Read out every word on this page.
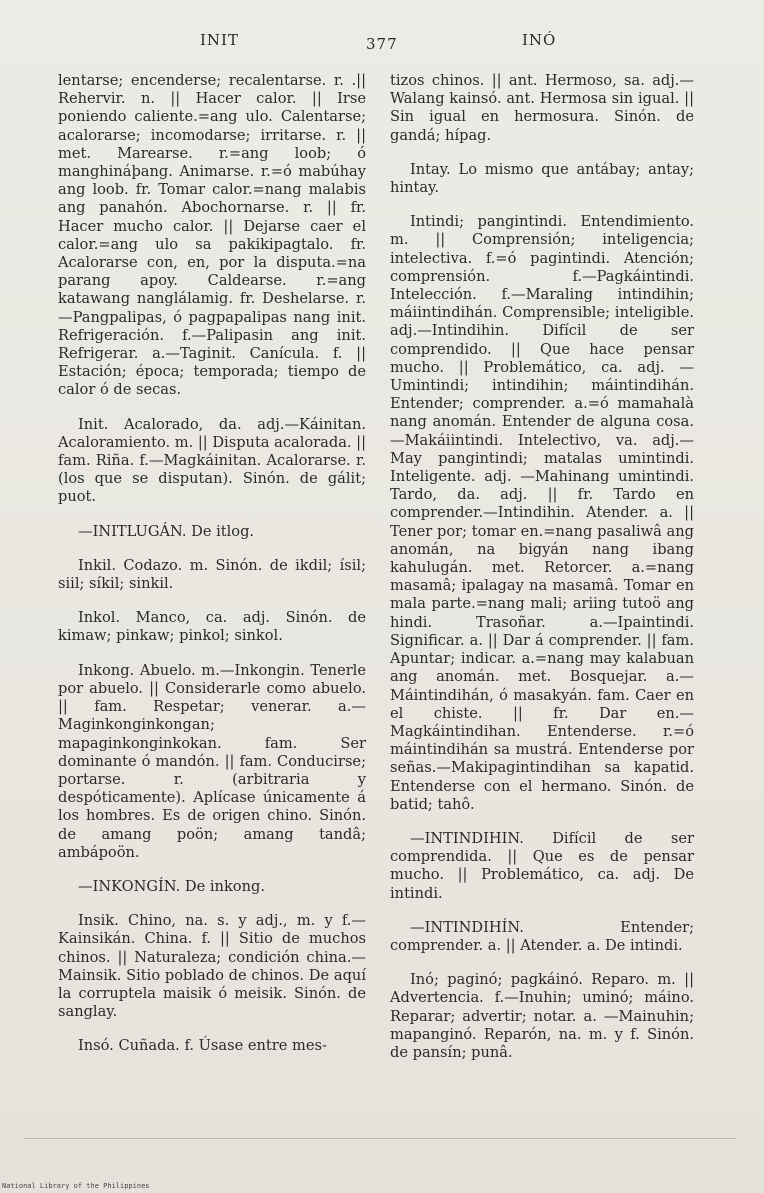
INIT	377	INÓ
lentarse; encenderse; recalentarse. r. .|| Rehervir. n. || Hacer calor. || Irse poniendo caliente.=ang ulo. Calentarse; acalorarse; incomodarse; irritarse. r. || met. Marearse. r.=ang loob; ó manghináþang. Animarse. r.=ó mabúhay ang loob. fr. Tomar calor.=nang malabis ang panahón. Abochornarse. r. || fr. Hacer mucho calor. || Dejarse caer el calor.=ang ulo sa pakikipagtalo. fr. Acalorarse con, en, por la disputa.=na parang apoy. Caldearse. r.=ang katawang nanglálamig. fr. Deshelarse. r.—Pangpalipas, ó pagpapalipas nang init. Refrigeración. f.—Palipasin ang init. Refrigerar. a.—Taginit. Canícula. f. || Estación; época; temporada; tiempo de calor ó de secas.
Init. Acalorado, da. adj.—Káinitan. Acaloramiento. m. || Disputa acalorada. || fam. Riña. f.—Magkáinitan. Acalorarse. r. (los que se disputan). Sinón. de gálit; puot.
—INITLUGÁN. De itlog.
Inkil. Codazo. m. Sinón. de ikdil; ísil; siil; síkil; sinkil.
Inkol. Manco, ca. adj. Sinón. de kimaw; pinkaw; pinkol; sinkol.
Inkong. Abuelo. m.—Inkongin. Tenerle por abuelo. || Considerarle como abuelo. || fam. Respetar; venerar. a.—Maginkonginkongan; mapaginkonginkokan. fam. Ser dominante ó mandón. || fam. Conducirse; portarse. r. (arbitraria y despóticamente). Aplícase únicamente á los hombres. Es de origen chino. Sinón. de amang poön; amang tandâ; ambápoön.
—INKONGÍN. De inkong.
Insik. Chino, na. s. y adj., m. y f.—Kainsikán. China. f. || Sitio de muchos chinos. || Naturaleza; condición china.—Mainsik. Sitio poblado de chinos. De aquí la corruptela maisik ó meisik. Sinón. de sanglay.
Insó. Cuñada. f. Úsase entre mes-
tizos chinos. || ant. Hermoso, sa. adj.—Walang kainsó. ant. Hermosa sin igual. || Sin igual en hermosura. Sinón. de gandá; hípag.
Intay. Lo mismo que antábay; antay; hintay.
Intindi; pangintindi. Entendimiento. m. || Comprensión; inteligencia; intelectiva. f.=ó pagintindi. Atención; comprensión. f.—Pagkáintindi. Intelección. f.—Maraling intindihin; máiintindihán. Comprensible; inteligible. adj.—Intindihin. Difícil de ser comprendido. || Que hace pensar mucho. || Problemático, ca. adj. —Umintindi; intindihin; máintindihán. Entender; comprender. a.=ó mamahalà nang anomán. Entender de alguna cosa.—Makáiintindi. Intelectivo, va. adj.—May pangintindi; matalas umintindi. Inteligente. adj. —Mahinang umintindi. Tardo, da. adj. || fr. Tardo en comprender.—Intindihin. Atender. a. || Tener por; tomar en.=nang pasaliwâ ang anomán, na bigyán nang ibang kahulugán. met. Retorcer. a.=nang masamâ; ipalagay na masamâ. Tomar en mala parte.=nang mali; ariing tutoö ang hindi. Trasoñar. a.—Ipaintindi. Significar. a. || Dar á comprender. || fam. Apuntar; indicar. a.=nang may kalabuan ang anomán. met. Bosquejar. a.—Máintindihán, ó masakyán. fam. Caer en el chiste. || fr. Dar en.—Magkáintindihan. Entenderse. r.=ó máintindihán sa mustrá. Entenderse por señas.—Makipagintindihan sa kapatid. Entenderse con el hermano. Sinón. de batid; tahô.
—INTINDIHIN. Difícil de ser comprendida. || Que es de pensar mucho. || Problemático, ca. adj. De intindi.
—INTINDIHÍN. Entender; comprender. a. || Atender. a. De intindi.
Inó; paginó; pagkáinó. Reparo. m. || Advertencia. f.—Inuhin; uminó; máino. Reparar; advertir; notar. a. —Mainuhin; mapanginó. Reparón, na. m. y f. Sinón. de pansín; punâ.
National Library of the Philippines
